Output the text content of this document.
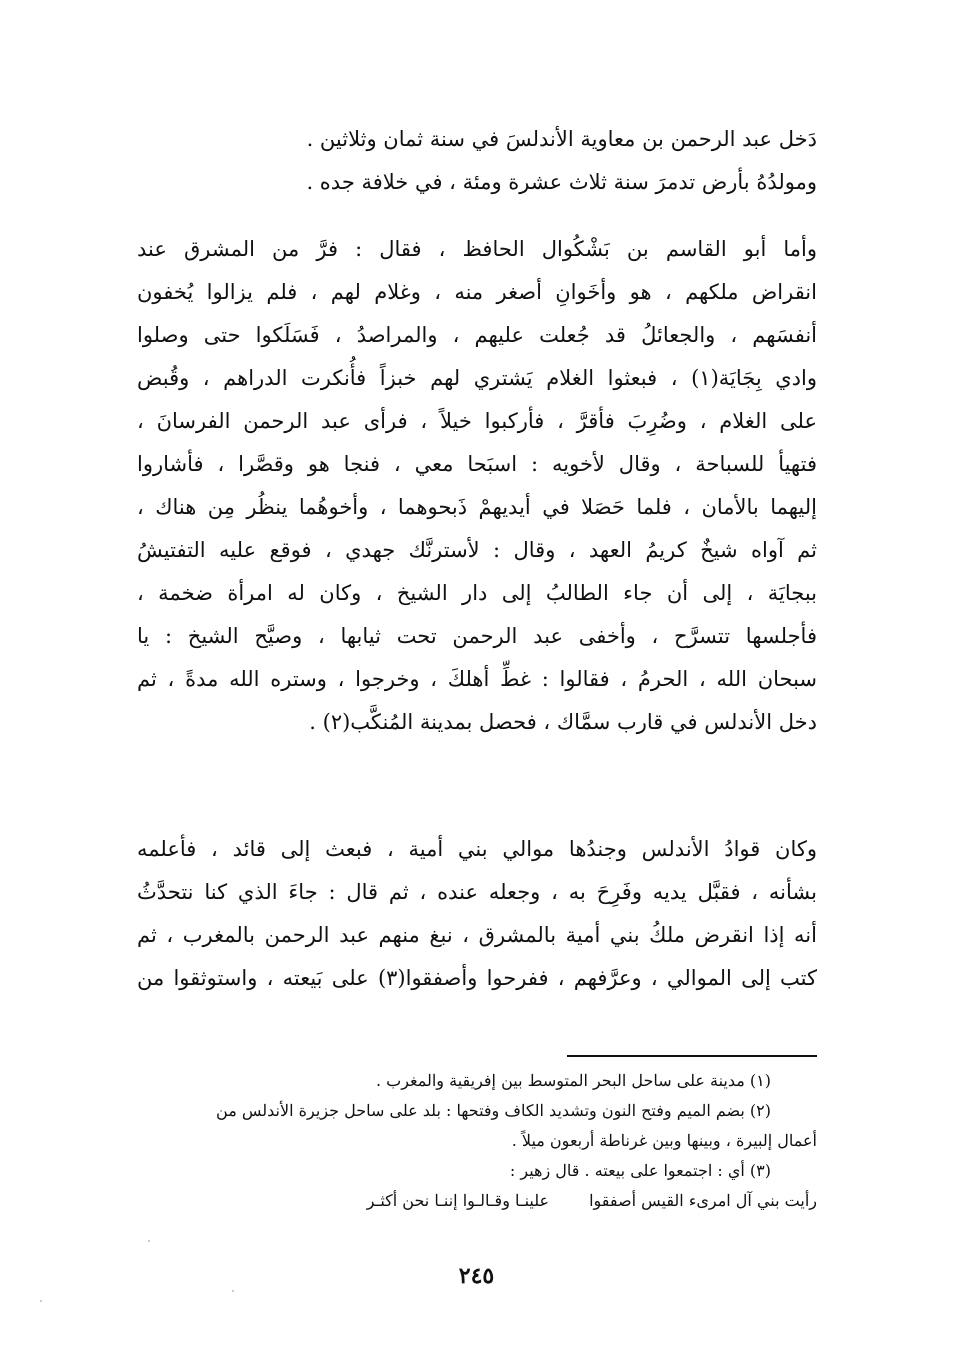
دَخل عبد الرحمن بن معاوية الأندلسَ في سنة ثمان وثلاثين .
ومولدُهُ بأرض تدمرَ سنة ثلاث عشرة ومئة ، في خلافة جده .
وأما أبو القاسم بن بَشْكُوال الحافظ ، فقال : فرَّ من المشرق عند
انقراض ملكهم ، هو وأخَوانِ أصغر منه ، وغلام لهم ، فلم يزالوا يُخفون
أنفسَهم ، والجعائلُ قد جُعلت عليهم ، والمراصدُ ، فَسَلَكوا حتى وصلوا
وادي بِجَايَة(١) ، فبعثوا الغلام يَشتري لهم خبزاً فأُنكرت الدراهم ، وقُبض
على الغلام ، وضُرِبَ فأقرَّ ، فأركبوا خيلاً ، فرأى عبد الرحمن الفرسانَ ،
فتهيأ للسباحة ، وقال لأخويه : اسبَحا معي ، فنجا هو وقصَّرا ، فأشاروا
إليهما بالأمان ، فلما حَصَلا في أيديهمْ ذَبحوهما ، وأخوهُما ينظُر مِن هناك ،
ثم آواه شيخٌ كريمُ العهد ، وقال : لأسترنَّك جهدي ، فوقع عليه التفتيشُ
ببجايَة ، إلى أن جاء الطالبُ إلى دار الشيخ ، وكان له امرأة ضخمة ،
فأجلسها تتسرَّح ، وأخفى عبد الرحمن تحت ثيابها ، وصيَّح الشيخ : يا
سبحان الله ، الحرمُ ، فقالوا : غطِّ أهلكَ ، وخرجوا ، وستره الله مدةً ، ثم
دخل الأندلس في قارب سمَّاك ، فحصل بمدينة المُنكَّب(٢) .
وكان قوادُ الأندلس وجندُها موالي بني أمية ، فبعث إلى قائد ، فأعلمه
بشأنه ، فقبَّل يديه وفَرِحَ به ، وجعله عنده ، ثم قال : جاءَ الذي كنا نتحدَّثُ
أنه إذا انقرض ملكُ بني أمية بالمشرق ، نبغ منهم عبد الرحمن بالمغرب ، ثم
كتب إلى الموالي ، وعرَّفهم ، ففرحوا وأصفقوا(٣) على بَيعته ، واستوثقوا من
(١) مدينة على ساحل البحر المتوسط بين إفريقية والمغرب .
(٢) بضم الميم وفتح النون وتشديد الكاف وفتحها : بلد على ساحل جزيرة الأندلس من
أعمال إلبيرة ، وبينها وبين غرناطة أربعون ميلاً .
(٣) أي : اجتمعوا على بيعته . قال زهير :
رأيت بني آل امرىء القيس أصفقوا
علينـا وقـالـوا إننـا نحن أكثـر
٢٤٥
